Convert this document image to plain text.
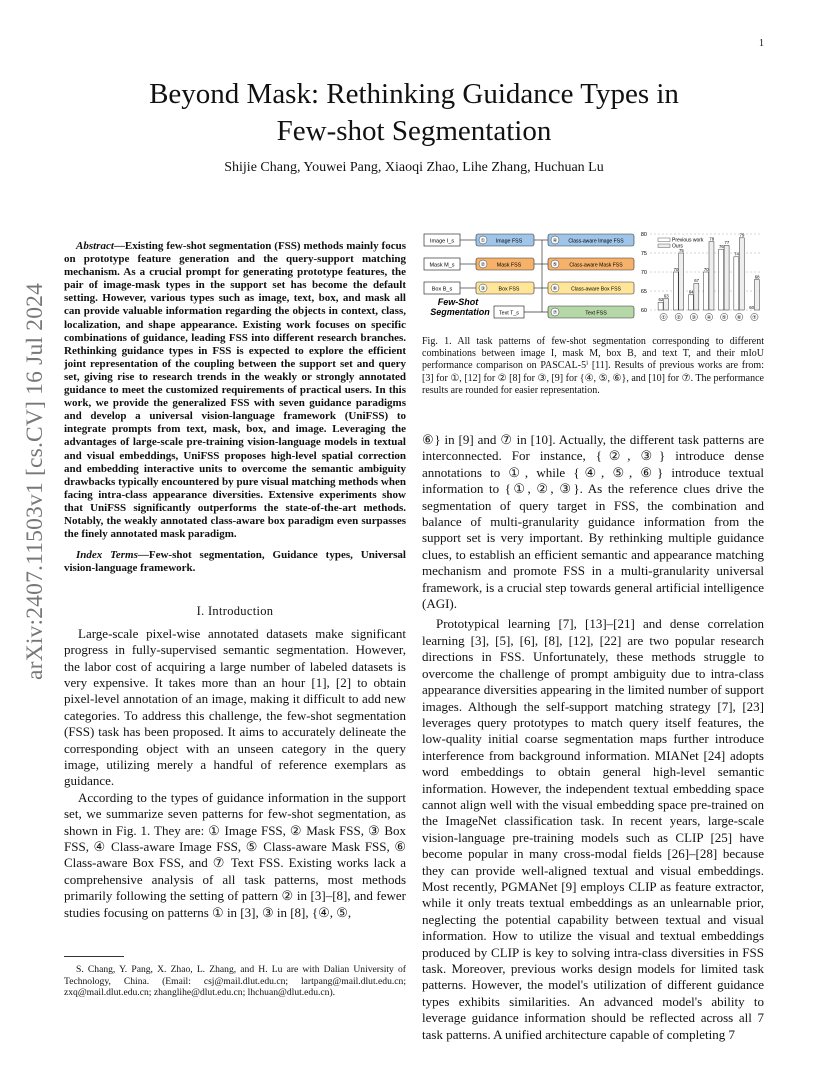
1
arXiv:2407.11503v1 [cs.CV] 16 Jul 2024
Beyond Mask: Rethinking Guidance Types in
Few-shot Segmentation
Shijie Chang, Youwei Pang, Xiaoqi Zhao, Lihe Zhang, Huchuan Lu

Abstract—Existing few-shot segmentation (FSS) methods mainly focus on prototype feature generation and the query-support matching mechanism. As a crucial prompt for generating prototype features, the pair of image-mask types in the support set has become the default setting. However, various types such as image, text, box, and mask all can provide valuable information regarding the objects in context, class, localization, and shape appearance. Existing work focuses on specific combinations of guidance, leading FSS into different research branches. Rethinking guidance types in FSS is expected to explore the efficient joint representation of the coupling between the support set and query set, giving rise to research trends in the weakly or strongly annotated guidance to meet the customized requirements of practical users. In this work, we provide the generalized FSS with seven guidance paradigms and develop a universal vision-language framework (UniFSS) to integrate prompts from text, mask, box, and image. Leveraging the advantages of large-scale pre-training vision-language models in textual and visual embeddings, UniFSS proposes high-level spatial correction and embedding interactive units to overcome the semantic ambiguity drawbacks typically encountered by pure visual matching methods when facing intra-class appearance diversities. Extensive experiments show that UniFSS significantly outperforms the state-of-the-art methods. Notably, the weakly annotated class-aware box paradigm even surpasses the finely annotated mask paradigm.

Index Terms—Few-shot segmentation, Guidance types, Universal vision-language framework.

I. Introduction

Large-scale pixel-wise annotated datasets make significant progress in fully-supervised semantic segmentation. However, the labor cost of acquiring a large number of labeled datasets is very expensive. It takes more than an hour [1], [2] to obtain pixel-level annotation of an image, making it difficult to add new categories. To address this challenge, the few-shot segmentation (FSS) task has been proposed. It aims to accurately delineate the corresponding object with an unseen category in the query image, utilizing merely a handful of reference exemplars as guidance.

According to the types of guidance information in the support set, we summarize seven patterns for few-shot segmentation, as shown in Fig. 1. They are: ① Image FSS, ② Mask FSS, ③ Box FSS, ④ Class-aware Image FSS, ⑤ Class-aware Mask FSS, ⑥ Class-aware Box FSS, and ⑦ Text FSS. Existing works lack a comprehensive analysis of all task patterns, most methods primarily following the setting of pattern ② in [3]–[8], and fewer studies focusing on patterns ① in [3], ③ in [8], {④, ⑤,

S. Chang, Y. Pang, X. Zhao, L. Zhang, and H. Lu are with Dalian University of Technology, China. (Email: csj@mail.dlut.edu.cn; lartpang@mail.dlut.edu.cn; zxq@mail.dlut.edu.cn; zhanglihe@dlut.edu.cn; lhchuan@dlut.edu.cn).
Image I_s
Mask M_s
Box B_s
① Image FSS
② Mask FSS
③	Box FSS
④ Class-aware Image FSS
⑤ Class-aware Mask FSS
⑥	Class-aware Box FSS
Text T_s	⑦	Text FSS
Few-Shot
Segmentation	60
65
70
75
80
62
63
①
70
75
②
64
67
③
70
78
④
76
77
⑤
74
79
⑥
60
68
⑦
Previous work
Ours
Fig. 1. All task patterns of few-shot segmentation corresponding to different combinations between image I, mask M, box B, and text T, and their mIoU performance comparison on PASCAL-5ⁱ [11]. Results of previous works are from: [3] for ①, [12] for ② [8] for ③, [9] for {④, ⑤, ⑥}, and [10] for ⑦. The performance results are rounded for easier representation.

⑥} in [9] and ⑦ in [10]. Actually, the different task patterns are interconnected. For instance, {②, ③} introduce dense annotations to ①, while {④, ⑤, ⑥} introduce textual information to {①, ②, ③}. As the reference clues drive the segmentation of query target in FSS, the combination and balance of multi-granularity guidance information from the support set is very important. By rethinking multiple guidance clues, to establish an efficient semantic and appearance matching mechanism and promote FSS in a multi-granularity universal framework, is a crucial step towards general artificial intelligence (AGI).

Prototypical learning [7], [13]–[21] and dense correlation learning [3], [5], [6], [8], [12], [22] are two popular research directions in FSS. Unfortunately, these methods struggle to overcome the challenge of prompt ambiguity due to intra-class appearance diversities appearing in the limited number of support images. Although the self-support matching strategy [7], [23] leverages query prototypes to match query itself features, the low-quality initial coarse segmentation maps further introduce interference from background information. MIANet [24] adopts word embeddings to obtain general high-level semantic information. However, the independent textual embedding space cannot align well with the visual embedding space pre-trained on the ImageNet classification task. In recent years, large-scale vision-language pre-training models such as CLIP [25] have become popular in many cross-modal fields [26]–[28] because they can provide well-aligned textual and visual embeddings. Most recently, PGMANet [9] employs CLIP as feature extractor, while it only treats textual embeddings as an unlearnable prior, neglecting the potential capability between textual and visual information. How to utilize the visual and textual embeddings produced by CLIP is key to solving intra-class diversities in FSS task. Moreover, previous works design models for limited task patterns. However, the model's utilization of different guidance types exhibits similarities. An advanced model's ability to leverage guidance information should be reflected across all 7 task patterns. A unified architecture capable of completing 7
